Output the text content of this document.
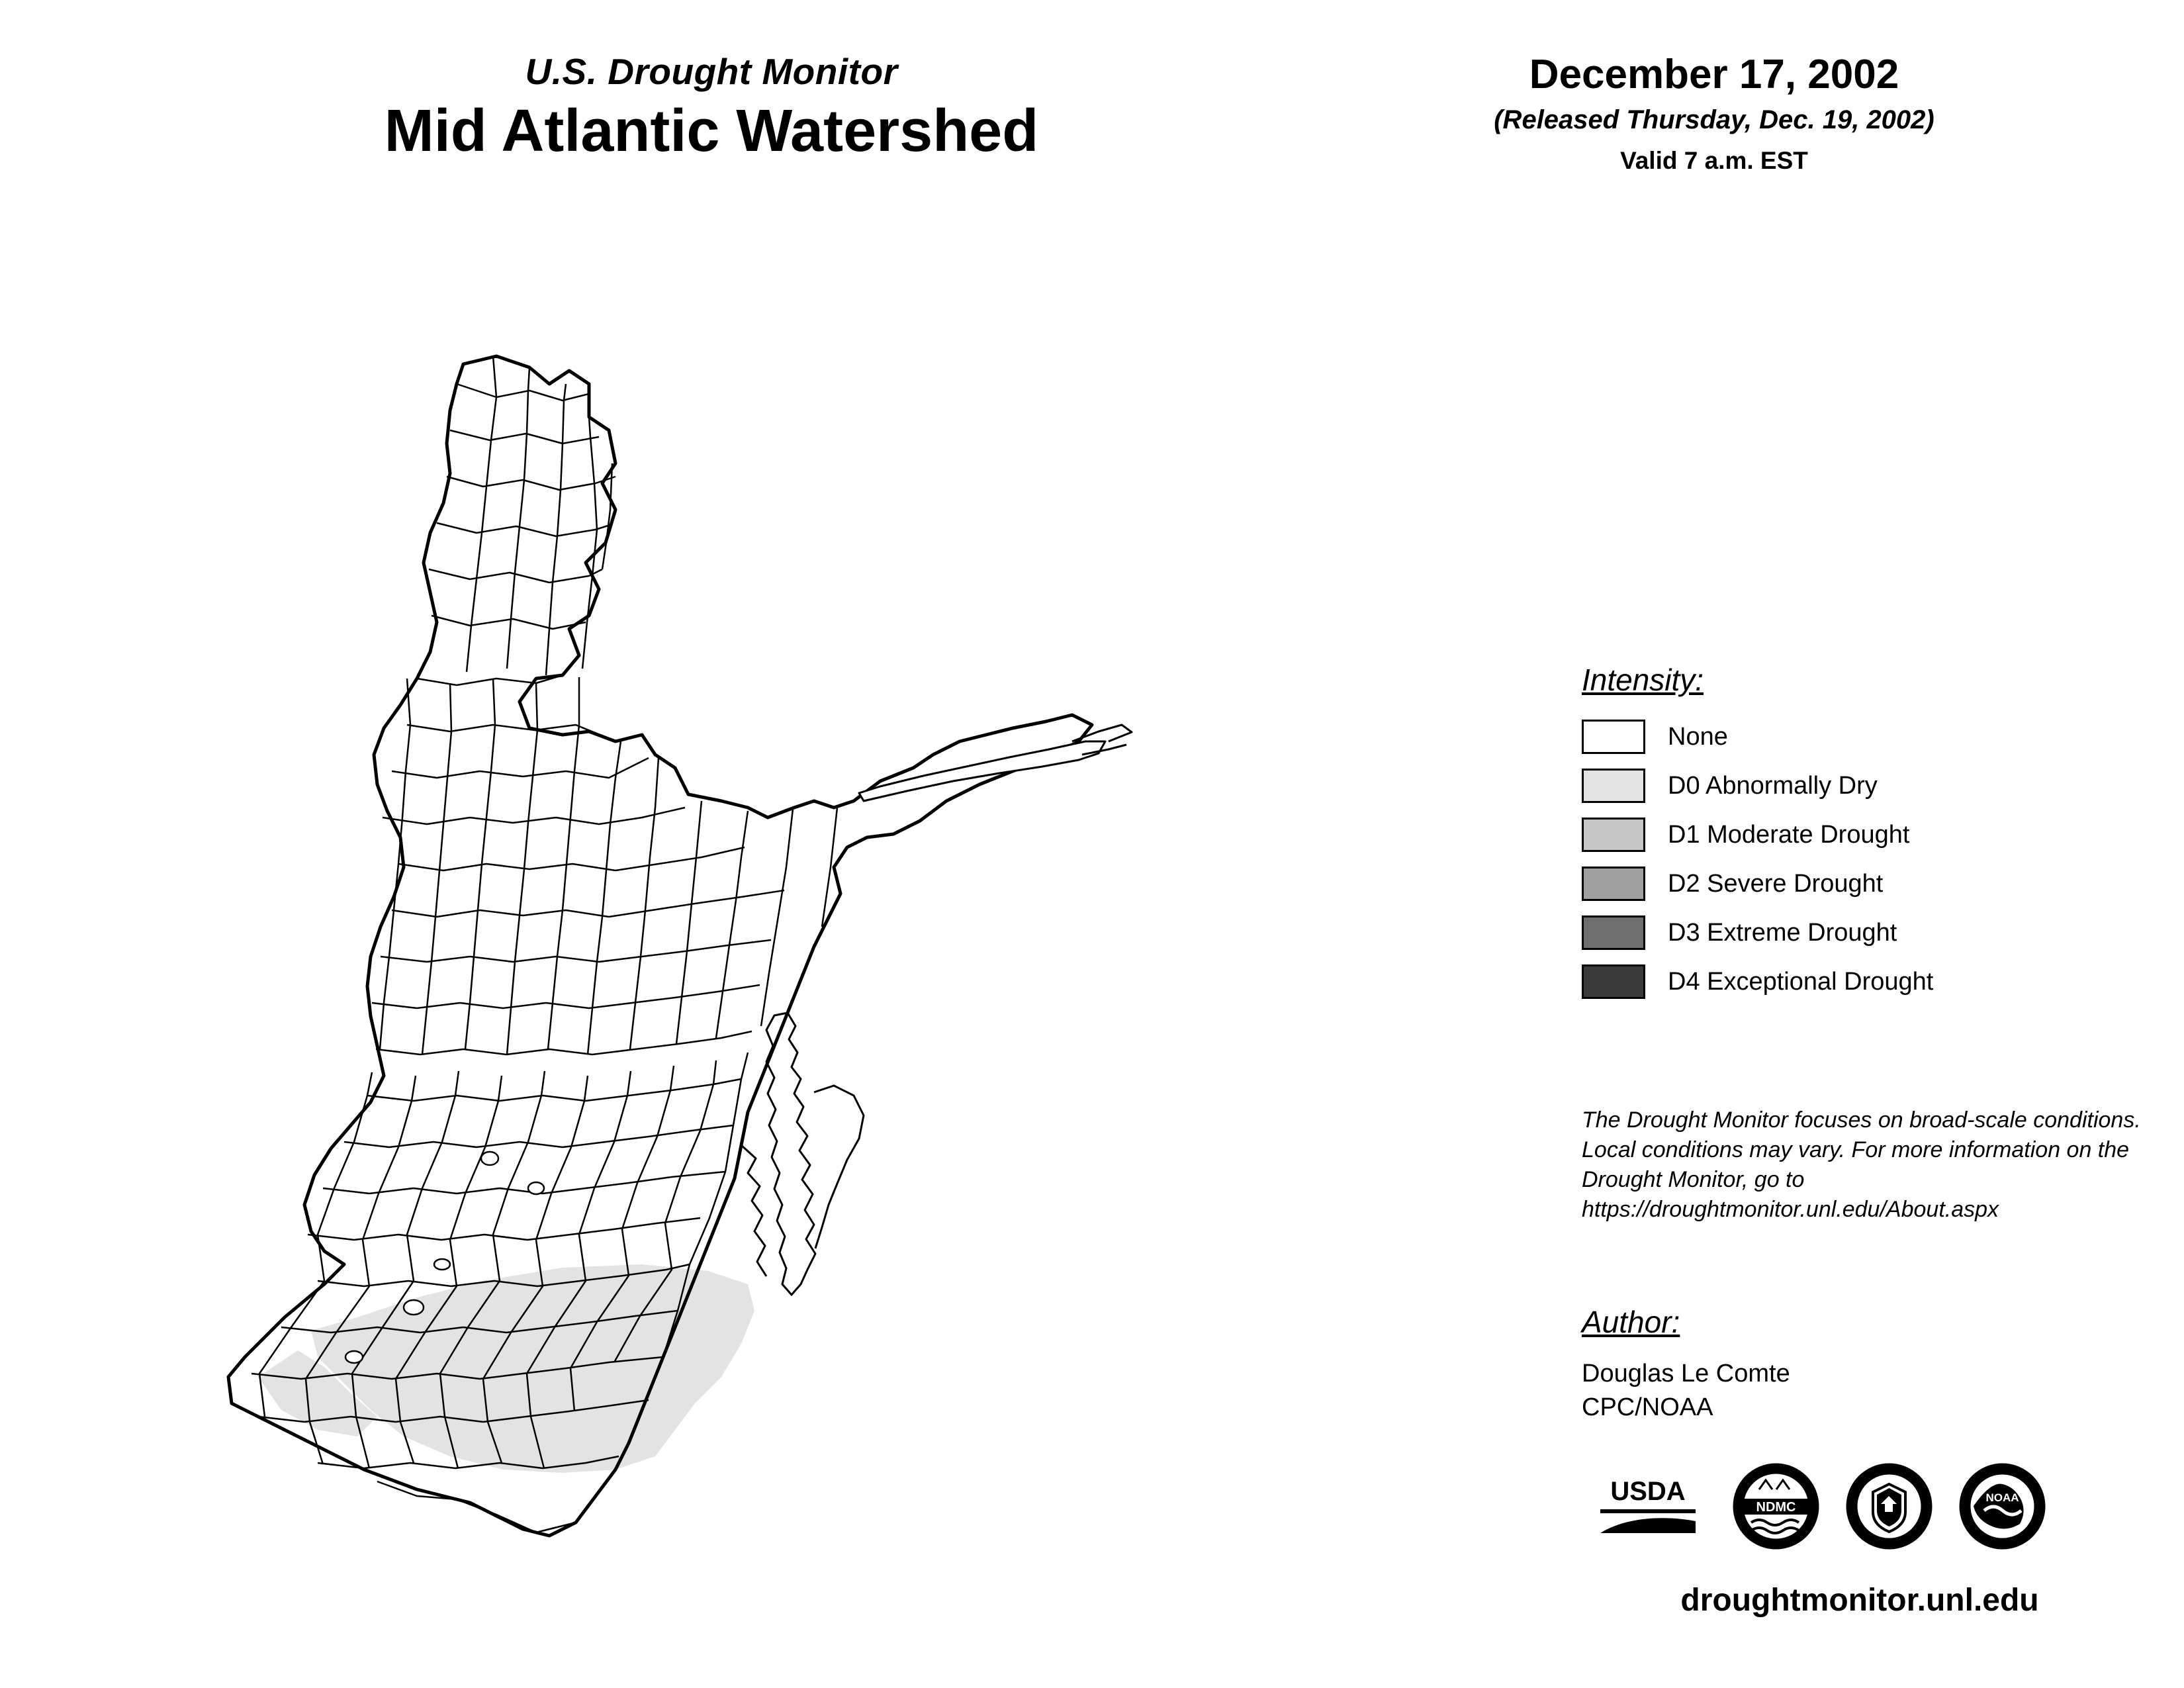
U.S. Drought Monitor
Mid Atlantic Watershed
December 17, 2002
(Released Thursday, Dec. 19, 2002)
Valid 7 a.m. EST
Intensity:
None
D0 Abnormally Dry
D1 Moderate Drought
D2 Severe Drought
D3 Extreme Drought
D4 Exceptional Drought
The Drought Monitor focuses on broad-scale conditions. Local conditions may vary. For more information on the Drought Monitor, go to https://droughtmonitor.unl.edu/About.aspx
Author:
Douglas Le Comte
CPC/NOAA
USDA
NDMC
NOAA
droughtmonitor.unl.edu
